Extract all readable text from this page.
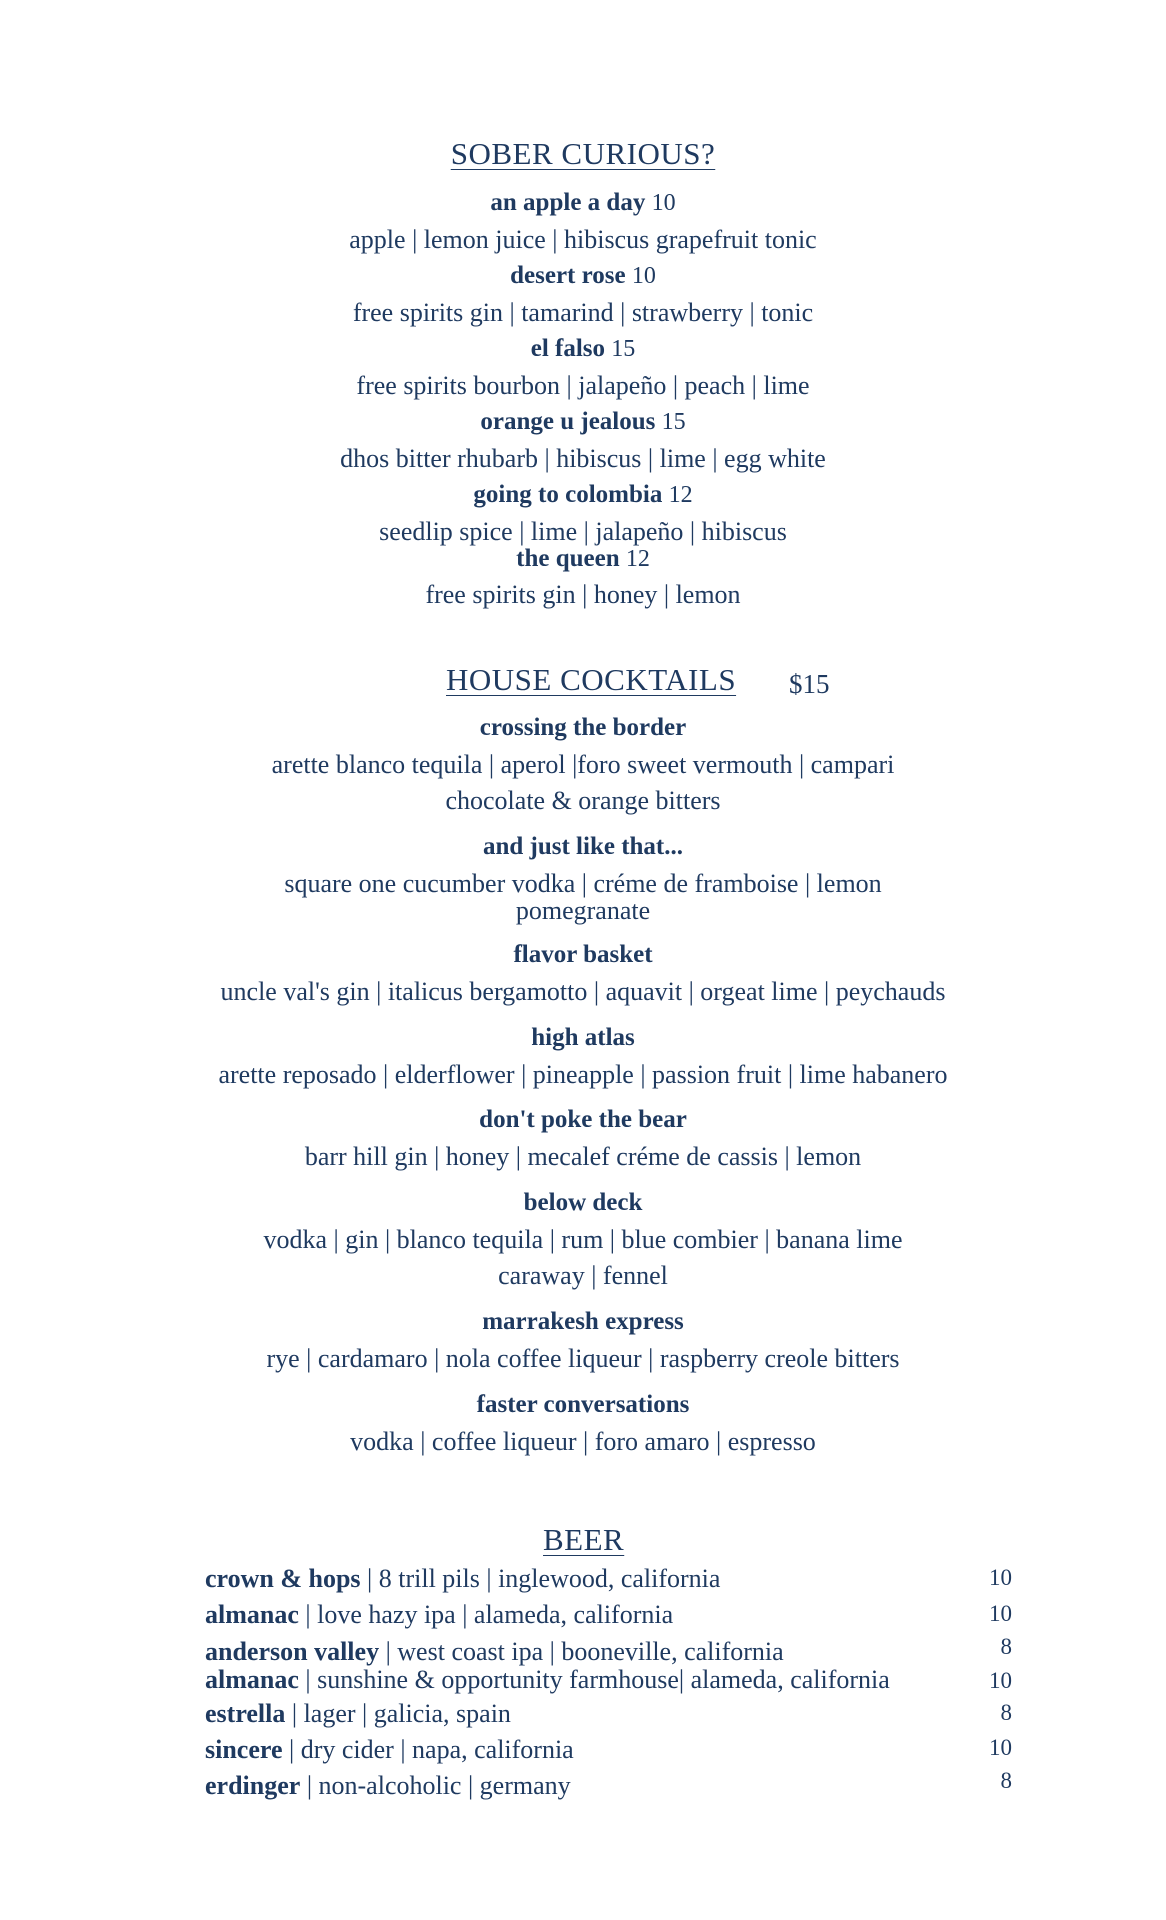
SOBER CURIOUS?
an apple a day 10
apple | lemon juice | hibiscus grapefruit tonic
desert rose 10
free spirits gin | tamarind | strawberry | tonic
el falso 15
free spirits bourbon | jalapeño | peach | lime
orange u jealous 15
dhos bitter rhubarb | hibiscus | lime | egg white
going to colombia 12
seedlip spice | lime | jalapeño | hibiscus
the queen 12
free spirits gin | honey | lemon
HOUSE COCKTAILS $15
crossing the border
arette blanco tequila | aperol |foro sweet vermouth | campari
chocolate & orange bitters
and just like that...
square one cucumber vodka | créme de framboise | lemon
pomegranate
flavor basket
uncle val's gin | italicus bergamotto | aquavit | orgeat lime | peychauds
high atlas
arette reposado | elderflower | pineapple | passion fruit | lime habanero
don't poke the bear
barr hill gin | honey | mecalef créme de cassis | lemon
below deck
vodka | gin | blanco tequila | rum | blue combier | banana lime
caraway | fennel
marrakesh express
rye | cardamaro | nola coffee liqueur | raspberry creole bitters
faster conversations
vodka | coffee liqueur | foro amaro | espresso
BEER
crown & hops | 8 trill pils | inglewood, california	10
almanac | love hazy ipa | alameda, california	10
anderson valley | west coast ipa | booneville, california	8
almanac | sunshine & opportunity farmhouse| alameda, california	10
estrella | lager | galicia, spain	8
sincere | dry cider | napa, california	10
erdinger | non-alcoholic | germany	8
